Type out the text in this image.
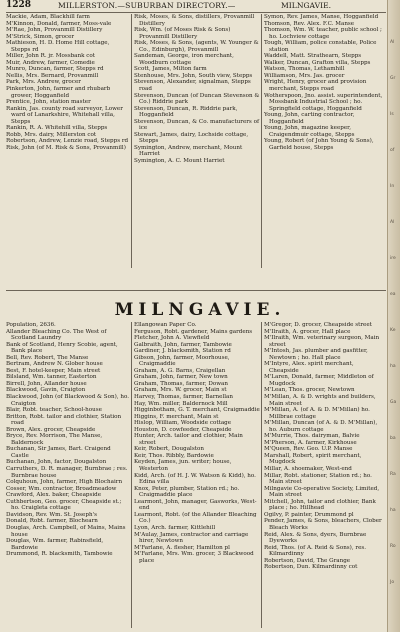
1228	MILLERSTON.—SUBURBAN DIRECTORY.—	MILNGAVIE.

Mackie, Adam, Blackhill farm

M'Kinnon, Donald, farmer, Moss-vale

M'Rae, John, Provanmill Distillery

M'Strick, Simon, grocer

Mathieson, H. D. Home Hill cottage, Stepps rd

Miller, John R. jr. Mossbank cot

Muir, Andrew, farmer, Comedie

Munro, Duncan, farmer, Stepps rd

Nellis, Mrs. Bernard, Provanmill

Park, Mrs. Andrew, grocer

Pinkerton, John, farmer and rhubarb grower, Hogganfield

Prentice, John, station master

Rankin, Jas. county road surveyor, Lower ward of Lanarkshire, Whitehall villa, Stepps

Rankin, R. A. Whitehill villa, Stepps

Robb, Mrs. dairy, Millerston cot

Robertson, Andrew, Lenzie road, Stepps rd

Risk, John (of M. Risk & Sons, Provanmill)

Risk, Moses, & Sons, distillers, Provanmill Distillery

Risk, Wm. (of Moses Risk & Sons) Provanmill Distillery

Risk, Moses, & Sons, (agents, W. Younger & Co., Edinburgh), Provanmill

Sandeman, George, iron merchant, Woodburn cottage

Scott, James, Milton farm

Stenhouse, Mrs. John, South view, Stepps

Stevenson, Alexander, signalman, Stepps road

Stevenson, Duncan (of Duncan Stevenson & Co.) Riddrie park

Stevenson, Duncan, R. Riddrie park, Hogganfield

Stevenson, Duncan, & Co. manufacturers of ice

Stewart, James, dairy, Lochside cottage, Stepps

Symington, Andrew, merchant, Mount Harriet

Symington, A. C. Mount Harriet

Symon, Rev. James, Manse, Hogganfield

Thomson, Rev. Alex. F.C. Manse

Thomson, Wm. W. teacher, public school ; ho. Lochview cottage

Tough, William, police constable, Police station

Waddell, Matt. Strathearn, Stepps

Walker, Duncan, Grafton villa, Stepps

Watson, Thomas, Lethamhill

Williamson, Mrs. Jas. grocer

Wright, Henry, grocer and provision merchant, Stepps road

Wotherspoon, Jno. assist. superintendent, Mossbank Industrial School ; ho. Springfield cottage, Hogganfield

Young, John, carting contractor, Hogganfield

Young, John, magazine keeper, Craigendmuir cottage, Stepps

Young, Robert (of John Young & Sons), Garfield house, Stepps

MILNGAVIE.

Population, 2636.

Allander Bleaching Co. The West of Scotland Laundry

Bank of Scotland, Henry Scobie, agent, Bank place

Bell, Rev. Robert, The Manse

Bertram, Andrew N. Glober house

Best, F. hotel-keeper, Main street

Bilsland, Wm. tanner, Easterton

Birrell, John, Allander house

Blackwood, Gavin, Craigton

Blackwood, John (of Blackwood & Son), ho. Craigton

Blair, Robt. teacher, School-house

Britton, Robt. tailor and clothier, Station road

Brown, Alex. grocer, Cheapside

Bryce, Rev. Morrison, The Manse, Baldernock

Buchanan, Sir James, Bart. Craigend Castle

Buchanan, John, factor, Dougalston

Carruthers, D. R. manager, Burnbrae ; res. Burnbrae house

Colquhoun, John, farmer, High Blochairn

Cosser, Wm. contractor, Broadmeadow

Crawford, Alex. baker, Cheapside

Cuthbertson, Geo. grocer, Cheapside st.; ho. Craigleta cottage

Davidson, Rev. Wm. St. Joseph's

Donald, Robt. farmer, Blochearn

Douglas, Arch. Campbell, of Mains, Mains house

Douglas, Wm. farmer, Rabinsfield, Bardowie

Drummond, R. blacksmith, Tambowie

Ellangowan Paper Co.

Ferguson, Robt. gardener, Mains gardens

Fletcher, John A. Viewfield

Galbraith, John, farmer, Tambowie

Gardiner, J. blacksmith, Station rd

Gibson, John, farmer, Moorhouse, Craigmaddie

Graham, A. G. Barns, Craigellan

Graham, John, farmer, New town

Graham, Thomas, farmer, Dowan

Graham, Mrs. W. grocer, Main st

Harvey, Thomas, farmer, Barnellan

Hay, Wm. miller, Baldernock Mill

Higginbotham, G. T. merchant, Craigmaddie

Higgins, F. merchant, Main st

Hislop, William, Woodside cottage

Houston, D. cowfeeder, Cheapside

Hunter, Arch. tailor and clothier, Main street

Keir, Robert, Dougalston

Keir, Thos. Ribbly, Bardowie

Keyden, James, jun. writer; house, Westerton

Kidd, Arch. (of H. J. W. Watson & Kidd), ho. Edina villa

Knox, Peter, plumber, Station rd.; ho. Craigmaddie place

Learmont, John, manager, Gasworks, West-end

Learmont, Robt. (of the Allander Bleaching Co.)

Lyon, Arch. farmer, Kittlehill

M'Aulay, James, contractor and carriage hirer, Newtown

M'Farlane, A. flesher, Hamilton pl

M'Farlane, Mrs. Wm. grocer, 3 Blackwood place

M'Gregor, D. grocer, Cheapside street

M'Ilraith, A. grocer, Hall place

M'Ilraith, Wm. veterinary surgeon, Main street

M'Intosh, Jas. plumber and gasfitter, Newtown ; ho. Hall place

M'Intyre, Alex. spirit merchant, Cheapside

M'Laren, Donald, farmer, Middleton of Mugdock

M'Lean, Thos. grocer, Newtown

M'Millan, A. & D. wrights and builders, Main street

M'Millan, A. (of A. & D. M'Millan) ho. Millbrae cottage

M'Millan, Duncan (of A. & D. M'Millan), ho. Auburn cottage

M'Murrie, Thos. dairyman, Balvie

M'Pherson, A. farmer, Kirkhouse

M'Queen, Rev. Geo. U.P. Manse

Marshall, Robert, spirit merchant, Mugdock

Millar, A. shoemaker, West-end

Millar, Robt. stationer, Station rd.; ho. Main street

Milngavie Co-operative Society, Limited, Main street

Mitchell, John, tailor and clothier, Bank place ; ho. Hillhead

Ogilvy, P. painter, Drummond pl

Pender, James, & Sons, bleachers, Clober Bleach Works

Reid, Alex. & Sons, dyers, Burnbrae Dyeworks

Reid, Thos. (of A. Reid & Sons), res. Kilmardinny

Robertson, David, The Grange

Robertson, Dun. Kilmardinny cot

Al
Gr
Is
of
In
Al
ire
ea
Ke
ha
Ga
ba
Ra
ha
Ro
Jo
